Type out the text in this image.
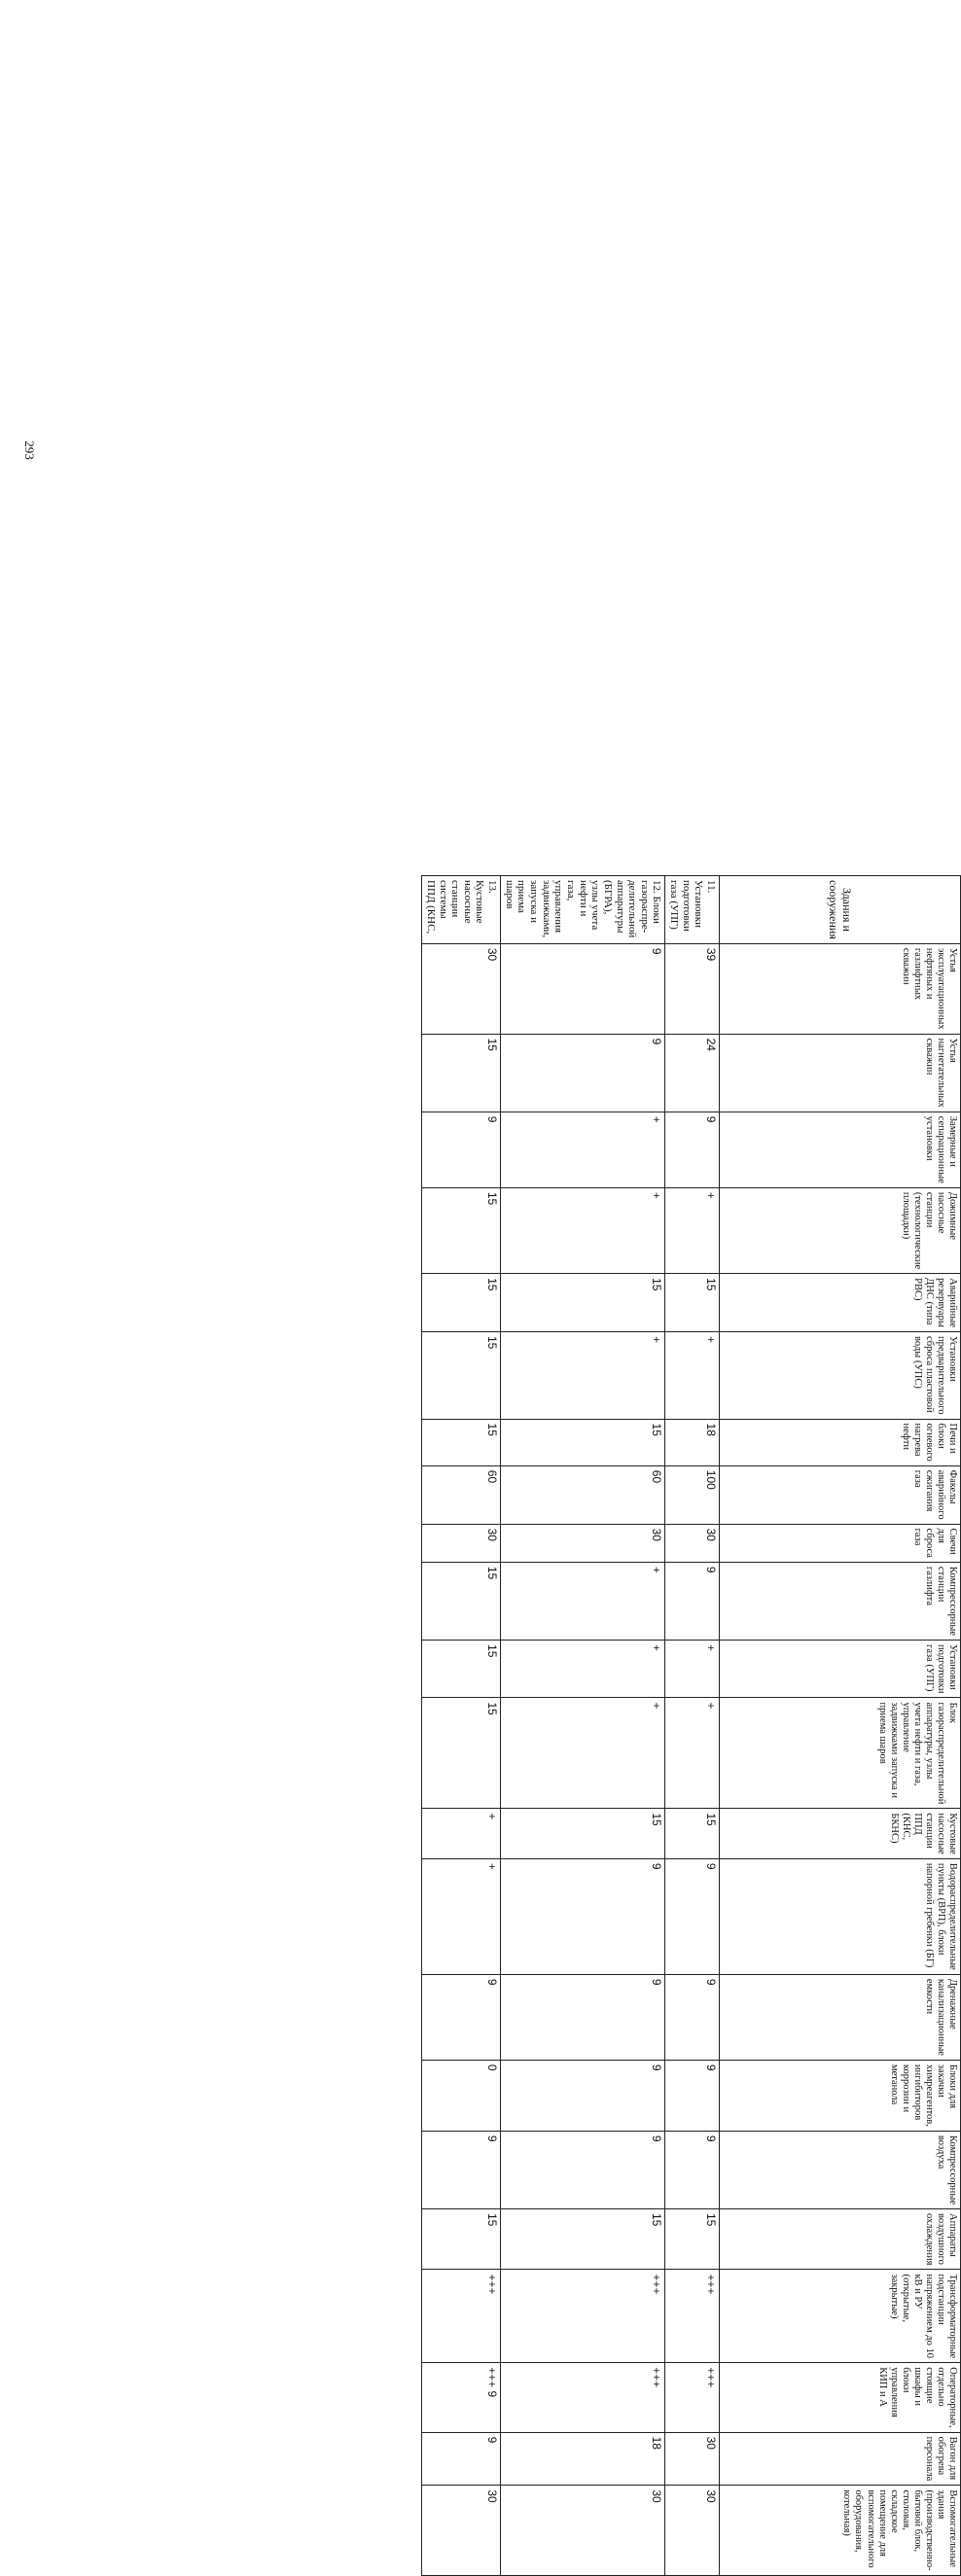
293
Здания и сооружения	Устья эксплуатационных нефтяных и газлифтных скважин	Устья нагнетательных скважин	Замерные и сепарационные установки	Дожимные насосные станции (технологические площадки)	Аварийные резервуары ДНС (типа РВС)	Установки предварительного сброса пластовой воды (УПС)	Печи и блоки огневого нагрева нефти	Факелы аварийного сжигания газа	Свечи для сброса газа	Компрессорные станции газлифта	Установки подготовки газа (УПГ)	Блок газораспределительной аппаратуры, узлы учета нефти и газа, управление задвижками запуска и приема шаров	Кустовые насосные станции ППД (КНС, БКНС)	Водораспределительные пункты (ВРП), блоки напорной гребенки (БГ)	Дренажные канализационные емкости	Блоки для закачки химреагентов, ингибиторов коррозии и метанола	Компрессорные воздуха	Аппараты воздушного охлаждения	Трансформаторные подстанции напряжением до 10 кВ и РУ (открытые, закрытые)	Операторные, отдельно стоящие шкафы и блоки управления КИП и А	Вагон для обогрева персонала	Вспомогательные здания (производственно-бытовой блок, столовая, складское помещение для вспомогательного оборудования, котельная)
11. Установки подготовки газа (УПГ)	39	24	9	+	15	+	18	100	30	9	+	+	15	9	9	9	9	15	+++	+++	30	30
12. Блоки газораспре-делительной аппаратуры (БГРА), узлы учета нефти и газа, управления задвижками, запуска и приема шаров	9	9	+	+	15	+	15	60	30	+	+	+	15	9	9	9	9	15	+++	+++	18	30
13. Кустовые насосные станции системы ППД (КНС,	30	15	9	15	15	15	15	60	30	15	15	15	+	+	9	0	9	15	+++	+++ 9	9	30
